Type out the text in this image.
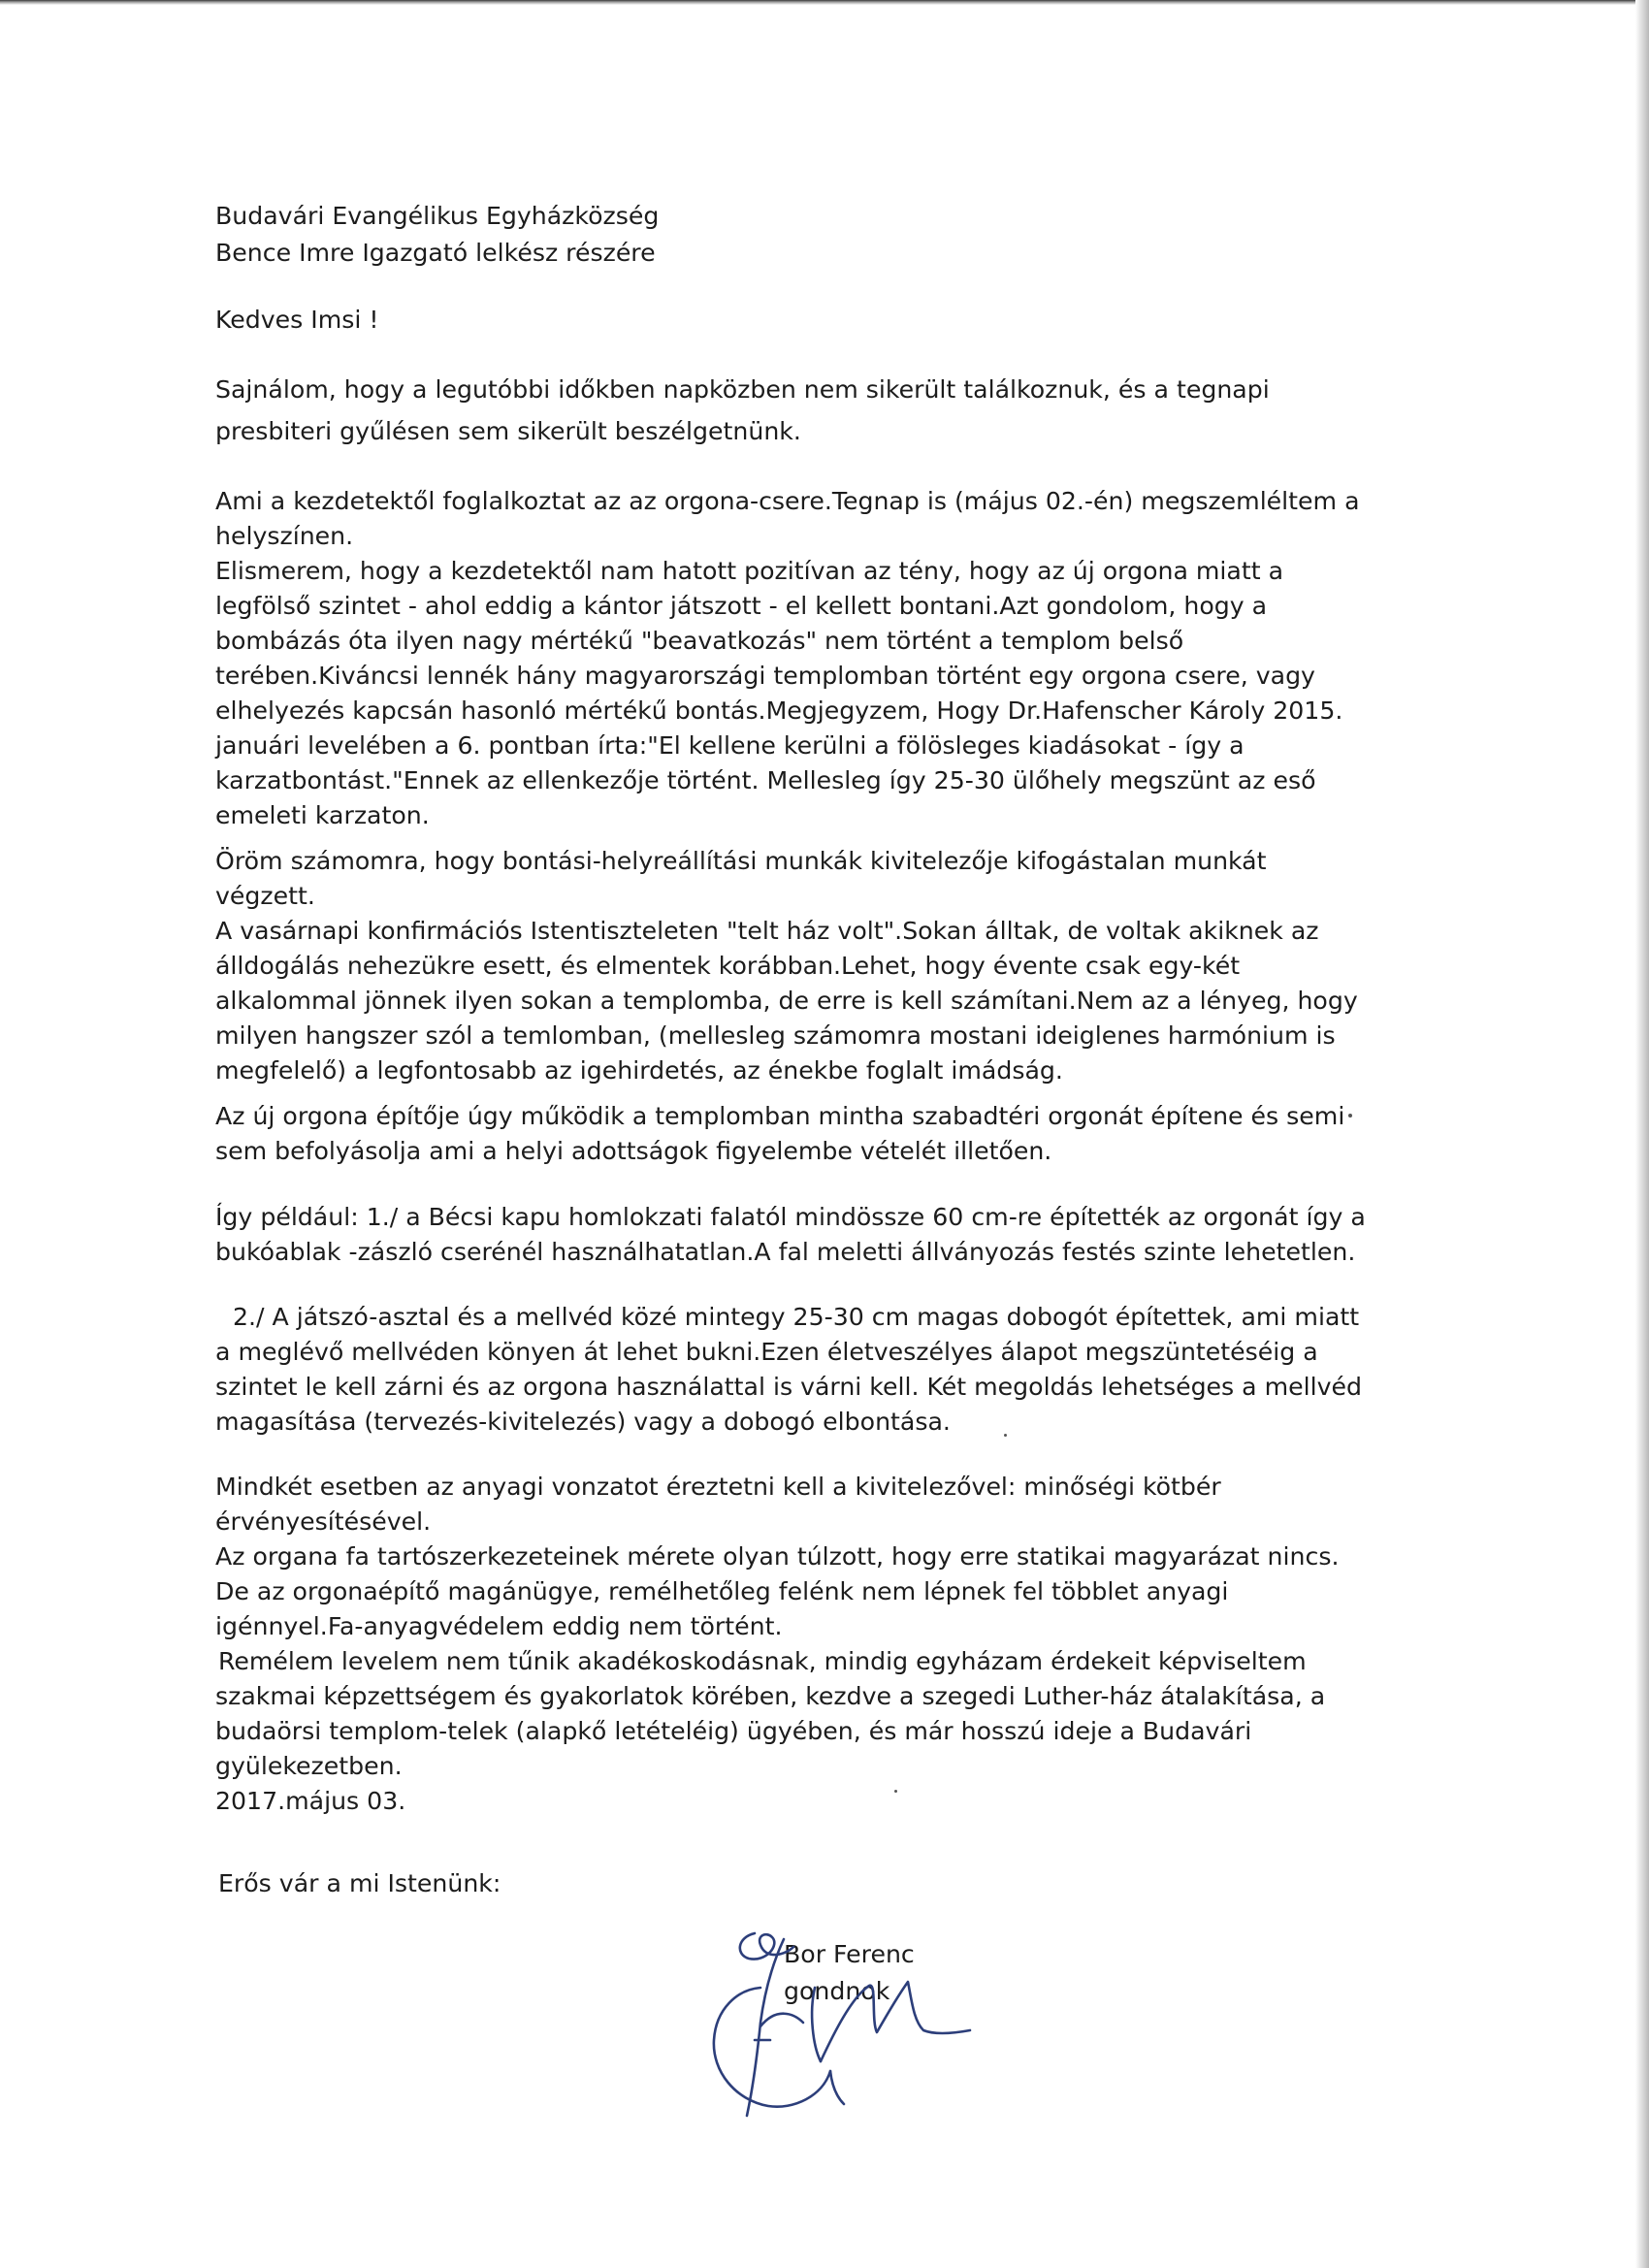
Budavári Evangélikus Egyházközség

Bence Imre Igazgató lelkész részére

Kedves Imsi !

Sajnálom, hogy a legutóbbi időkben napközben nem sikerült találkoznuk, és a tegnapi

presbiteri gyűlésen sem sikerült beszélgetnünk.

Ami a kezdetektől foglalkoztat az az orgona-csere.Tegnap is (május 02.-én) megszemléltem a

helyszínen.

Elismerem, hogy a kezdetektől nam hatott pozitívan az tény, hogy az új orgona miatt a

legfölső szintet - ahol eddig a kántor játszott - el kellett bontani.Azt gondolom, hogy a

bombázás óta ilyen nagy mértékű "beavatkozás" nem történt a templom belső

terében.Kiváncsi lennék hány magyarországi templomban történt egy orgona csere, vagy

elhelyezés kapcsán hasonló mértékű bontás.Megjegyzem, Hogy Dr.Hafenscher Károly 2015.

januári levelében a 6. pontban írta:"El kellene kerülni a fölösleges kiadásokat - így a

karzatbontást."Ennek az ellenkezője történt. Mellesleg így 25-30 ülőhely megszünt az eső

emeleti karzaton.

Öröm számomra, hogy bontási-helyreállítási munkák kivitelezője kifogástalan munkát

végzett.

A vasárnapi konfirmációs Istentiszteleten "telt ház volt".Sokan álltak, de voltak akiknek az

álldogálás nehezükre esett, és elmentek korábban.Lehet, hogy évente csak egy-két

alkalommal jönnek ilyen sokan a templomba, de erre is kell számítani.Nem az a lényeg, hogy

milyen hangszer szól a temlomban, (mellesleg számomra mostani ideiglenes harmónium is

megfelelő) a legfontosabb az igehirdetés, az énekbe foglalt imádság.

Az új orgona építője úgy működik a templomban mintha szabadtéri orgonát építene és semi

sem befolyásolja ami a helyi adottságok figyelembe vételét illetően.

Így például: 1./ a Bécsi kapu homlokzati falatól mindössze 60 cm-re építették az orgonát így a

bukóablak -zászló cserénél használhatatlan.A fal meletti állványozás festés szinte lehetetlen.

2./ A játszó-asztal és a mellvéd közé mintegy 25-30 cm magas dobogót építettek, ami miatt

a meglévő mellvéden könyen át lehet bukni.Ezen életveszélyes álapot megszüntetéséig a

szintet le kell zárni és az orgona használattal is várni kell. Két megoldás lehetséges a mellvéd

magasítása (tervezés-kivitelezés) vagy a dobogó elbontása.

Mindkét esetben az anyagi vonzatot éreztetni kell a kivitelezővel: minőségi kötbér

érvényesítésével.

Az organa fa tartószerkezeteinek mérete olyan túlzott, hogy erre statikai magyarázat nincs.

De az orgonaépítő magánügye, remélhetőleg felénk nem lépnek fel többlet anyagi

igénnyel.Fa-anyagvédelem eddig nem történt.

Remélem levelem nem tűnik akadékoskodásnak, mindig egyházam érdekeit képviseltem

szakmai képzettségem és gyakorlatok körében, kezdve a szegedi Luther-ház átalakítása, a

budaörsi templom-telek (alapkő letételéig) ügyében, és már hosszú ideje a Budavári

gyülekezetben.

2017.május 03.

Erős vár a mi Istenünk:

Bor Ferenc

gondnok
